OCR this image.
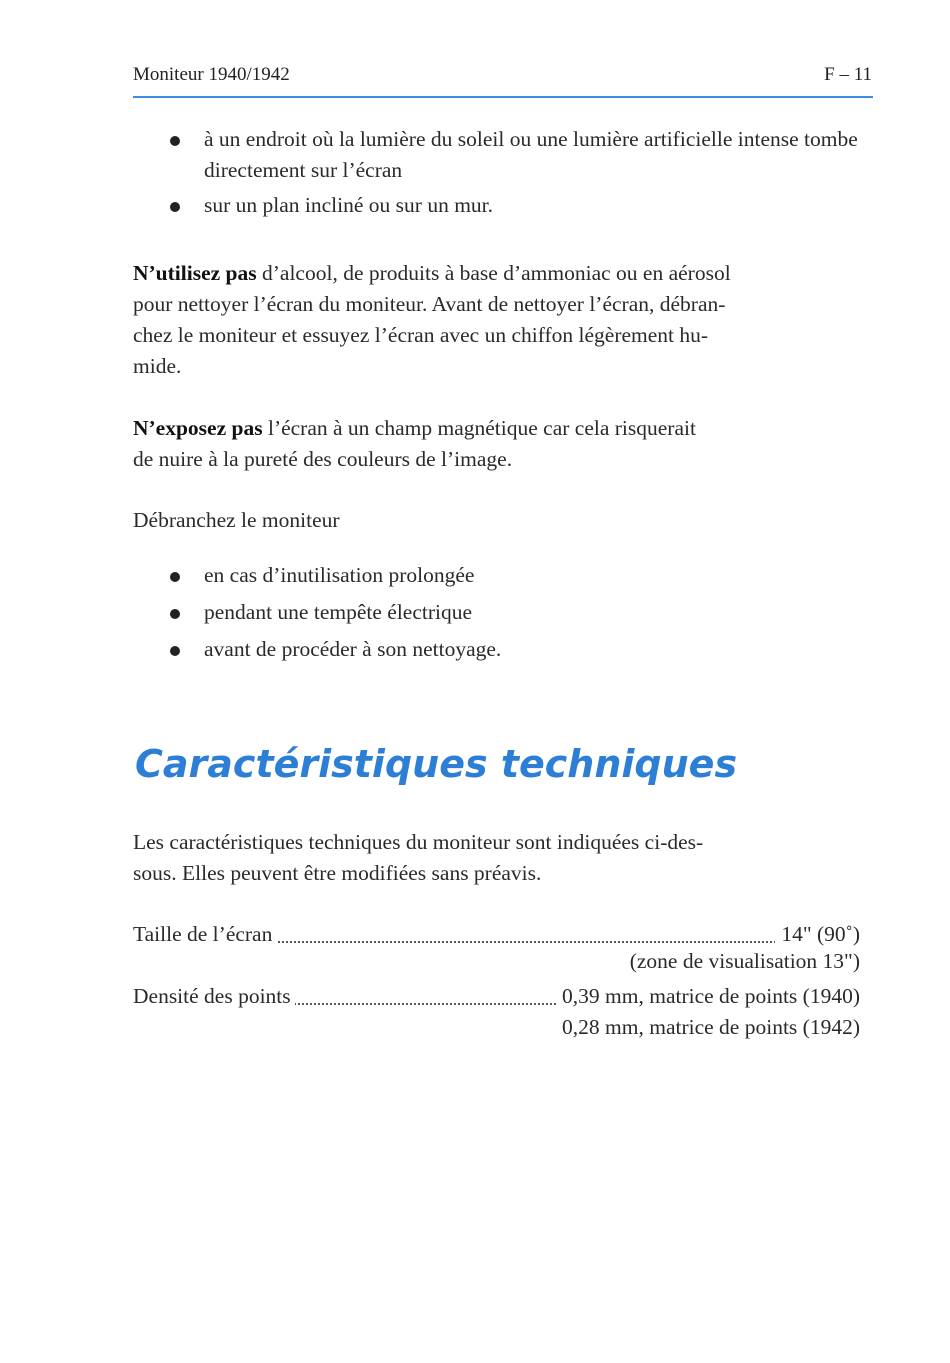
Moniteur 1940/1942	F – 11
à un endroit où la lumière du soleil ou une lumière artificielle intense tombe directement sur l’écran
sur un plan incliné ou sur un mur.
N’utilisez pas d’alcool, de produits à base d’ammoniac ou en aérosol
pour nettoyer l’écran du moniteur. Avant de nettoyer l’écran, débran-
chez le moniteur et essuyez l’écran avec un chiffon légèrement hu-
mide.
N’exposez pas l’écran à un champ magnétique car cela risquerait
de nuire à la pureté des couleurs de l’image.
Débranchez le moniteur
en cas d’inutilisation prolongée
pendant une tempête électrique
avant de procéder à son nettoyage.
Caractéristiques techniques
Les caractéristiques techniques du moniteur sont indiquées ci-des-
sous. Elles peuvent être modifiées sans préavis.
Taille de l’écran	14" (90˚)
(zone de visualisation 13")
Densité des points	0,39 mm, matrice de points (1940)
0,28 mm, matrice de points (1942)
